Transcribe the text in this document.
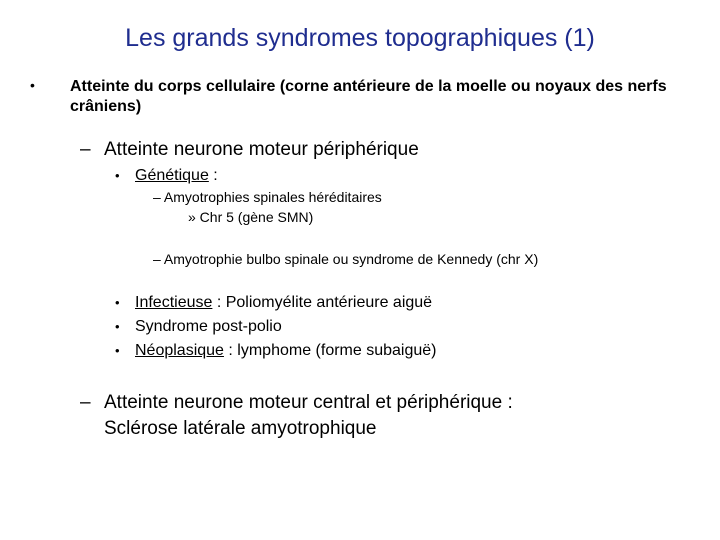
Les grands syndromes topographiques (1)
• Atteinte du corps cellulaire (corne antérieure de la moelle ou noyaux des nerfs crâniens)
– Atteinte neurone moteur périphérique
• Génétique :
– Amyotrophies spinales héréditaires
» Chr 5 (gène SMN)
– Amyotrophie bulbo spinale ou syndrome de Kennedy (chr X)
• Infectieuse : Poliomyélite antérieure aiguë
• Syndrome post-polio
• Néoplasique : lymphome (forme subaiguë)
– Atteinte neurone moteur central et périphérique :
Sclérose latérale amyotrophique
